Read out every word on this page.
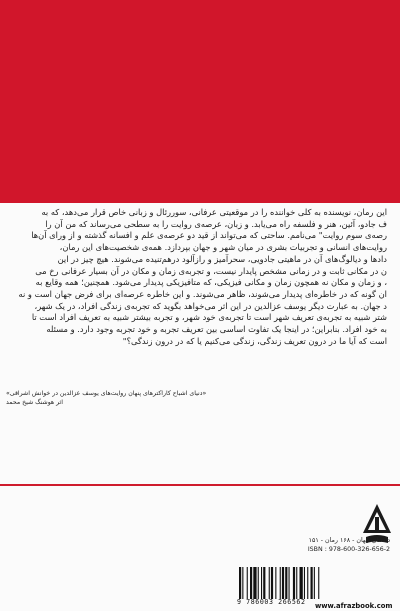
این رمان، نویسنده به کلی خواننده را در موقعیتی عرفانی، سوررئال و زبانی خاص قرار می‌دهد، که به

ف جادو، آئین، هنر و فلسفه راه می‌یابد. و زبان، عرصه‌ی روایت را به سطحی می‌رساند که من آن را

رصه‌ی سوم روایت" می‌نامم. ساحتی که می‌تواند از قید دو عرصه‌ی علم و افسانه گذشته و از ورای آن‌ها

روایت‌های انسانی و تجربیات بشری در میان شهر و جهان بپردازد. همه‌ی شخصیت‌های این رمان،

دادها و دیالوگ‌های آن در ماهیتی جادویی، سحرآمیز و رازآلود درهم‌تنیده می‌شوند. هیچ چیز در این

ن در مکانی ثابت و در زمانی مشخص پایدار نیست، و تجربه‌ی زمان و مکان در آن بسیار عرفانی رخ می

، و زمان و مکان نه همچون زمان و مکانی فیزیکی، که متافیزیکی پدیدار می‌شود. همچنین؛ همه وقایع به

ان گونه که در خاطره‌ای پدیدار می‌شوند، ظاهر می‌شوند. و این خاطره عرصه‌ای برای فرض جهان است و نه

د جهان. به عبارت دیگر یوسف عزالدین در این اثر می‌خواهد بگوید که تجربه‌ی زندگی افراد، در یک شهر،

شتر شبیه به تجربه‌ی تعریف شهر است تا تجربه‌ی خود شهر، و تجربه بیشتر شبیه به تعریف افراد است تا

به خود افراد. بنابراین؛ در اینجا یک تفاوت اساسی بین تعریف تجربه و خود تجربه وجود دارد. و مسئله

است که آیا ما در درون تعریف زندگی، زندگی می‌کنیم یا که در درون زندگی؟"

«دنیای اشباح کاراکترهای پنهان روایت‌های یوسف عزالدین در خوانش اشراقی»
اثر هوشنگ شیخ محمد
داستان جهان - ۱۶۸ رمان - ۱۵۱
ISBN : 978-600-326-656-2
9 786003 266562	www.afrazbook.com
